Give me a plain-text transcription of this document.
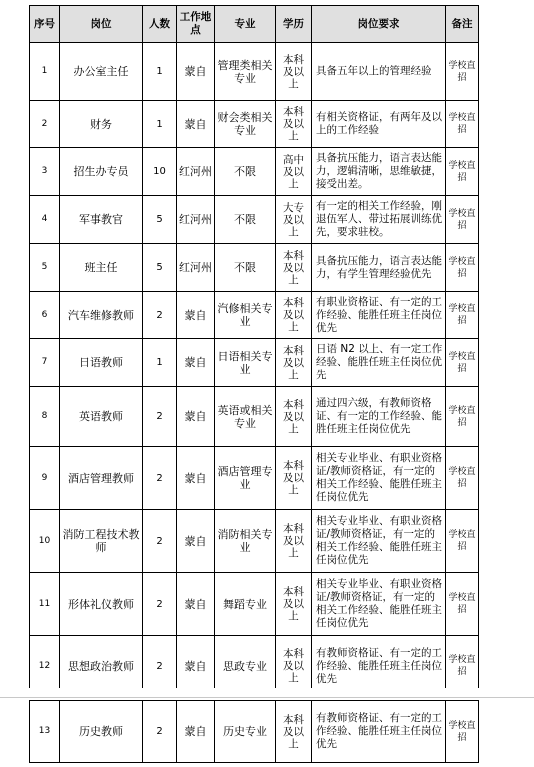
序号	岗位	人数	工作地点	专业	学历	岗位要求	备注
1	办公室主任	1	蒙自	管理类相关专业	本科及以上	具备五年以上的管理经验	学校直招
2	财务	1	蒙自	财会类相关专业	本科及以上	有相关资格证，有两年及以上的工作经验	学校直招
3	招生办专员	10	红河州	不限	高中及以上	具备抗压能力，语言表达能力，逻辑清晰，思维敏捷，接受出差。	学校直招
4	军事教官	5	红河州	不限	大专及以上	有一定的相关工作经验，刚退伍军人、带过拓展训练优先，要求驻校。	学校直招
5	班主任	5	红河州	不限	本科及以上	具备抗压能力，语言表达能力，有学生管理经验优先	学校直招
6	汽车维修教师	2	蒙自	汽修相关专业	本科及以上	有职业资格证、有一定的工作经验、能胜任班主任岗位优先	学校直招
7	日语教师	1	蒙自	日语相关专业	本科及以上	日语 N2 以上、有一定工作经验、能胜任班主任岗位优先	学校直招
8	英语教师	2	蒙自	英语或相关专业	本科及以上	通过四六级，有教师资格证、有一定的工作经验、能胜任班主任岗位优先	学校直招
9	酒店管理教师	2	蒙自	酒店管理专业	本科及以上	相关专业毕业、有职业资格证/教师资格证，有一定的相关工作经验、能胜任班主任岗位优先	学校直招
10	消防工程技术教师	2	蒙自	消防相关专业	本科及以上	相关专业毕业、有职业资格证/教师资格证，有一定的相关工作经验、能胜任班主任岗位优先	学校直招
11	形体礼仪教师	2	蒙自	舞蹈专业	本科及以上	相关专业毕业、有职业资格证/教师资格证，有一定的相关工作经验、能胜任班主任岗位优先	学校直招
12	思想政治教师	2	蒙自	思政专业	本科及以上	有教师资格证、有一定的工作经验、能胜任班主任岗位优先	学校直招
13	历史教师	2	蒙自	历史专业	本科及以上	有教师资格证、有一定的工作经验、能胜任班主任岗位优先	学校直招
